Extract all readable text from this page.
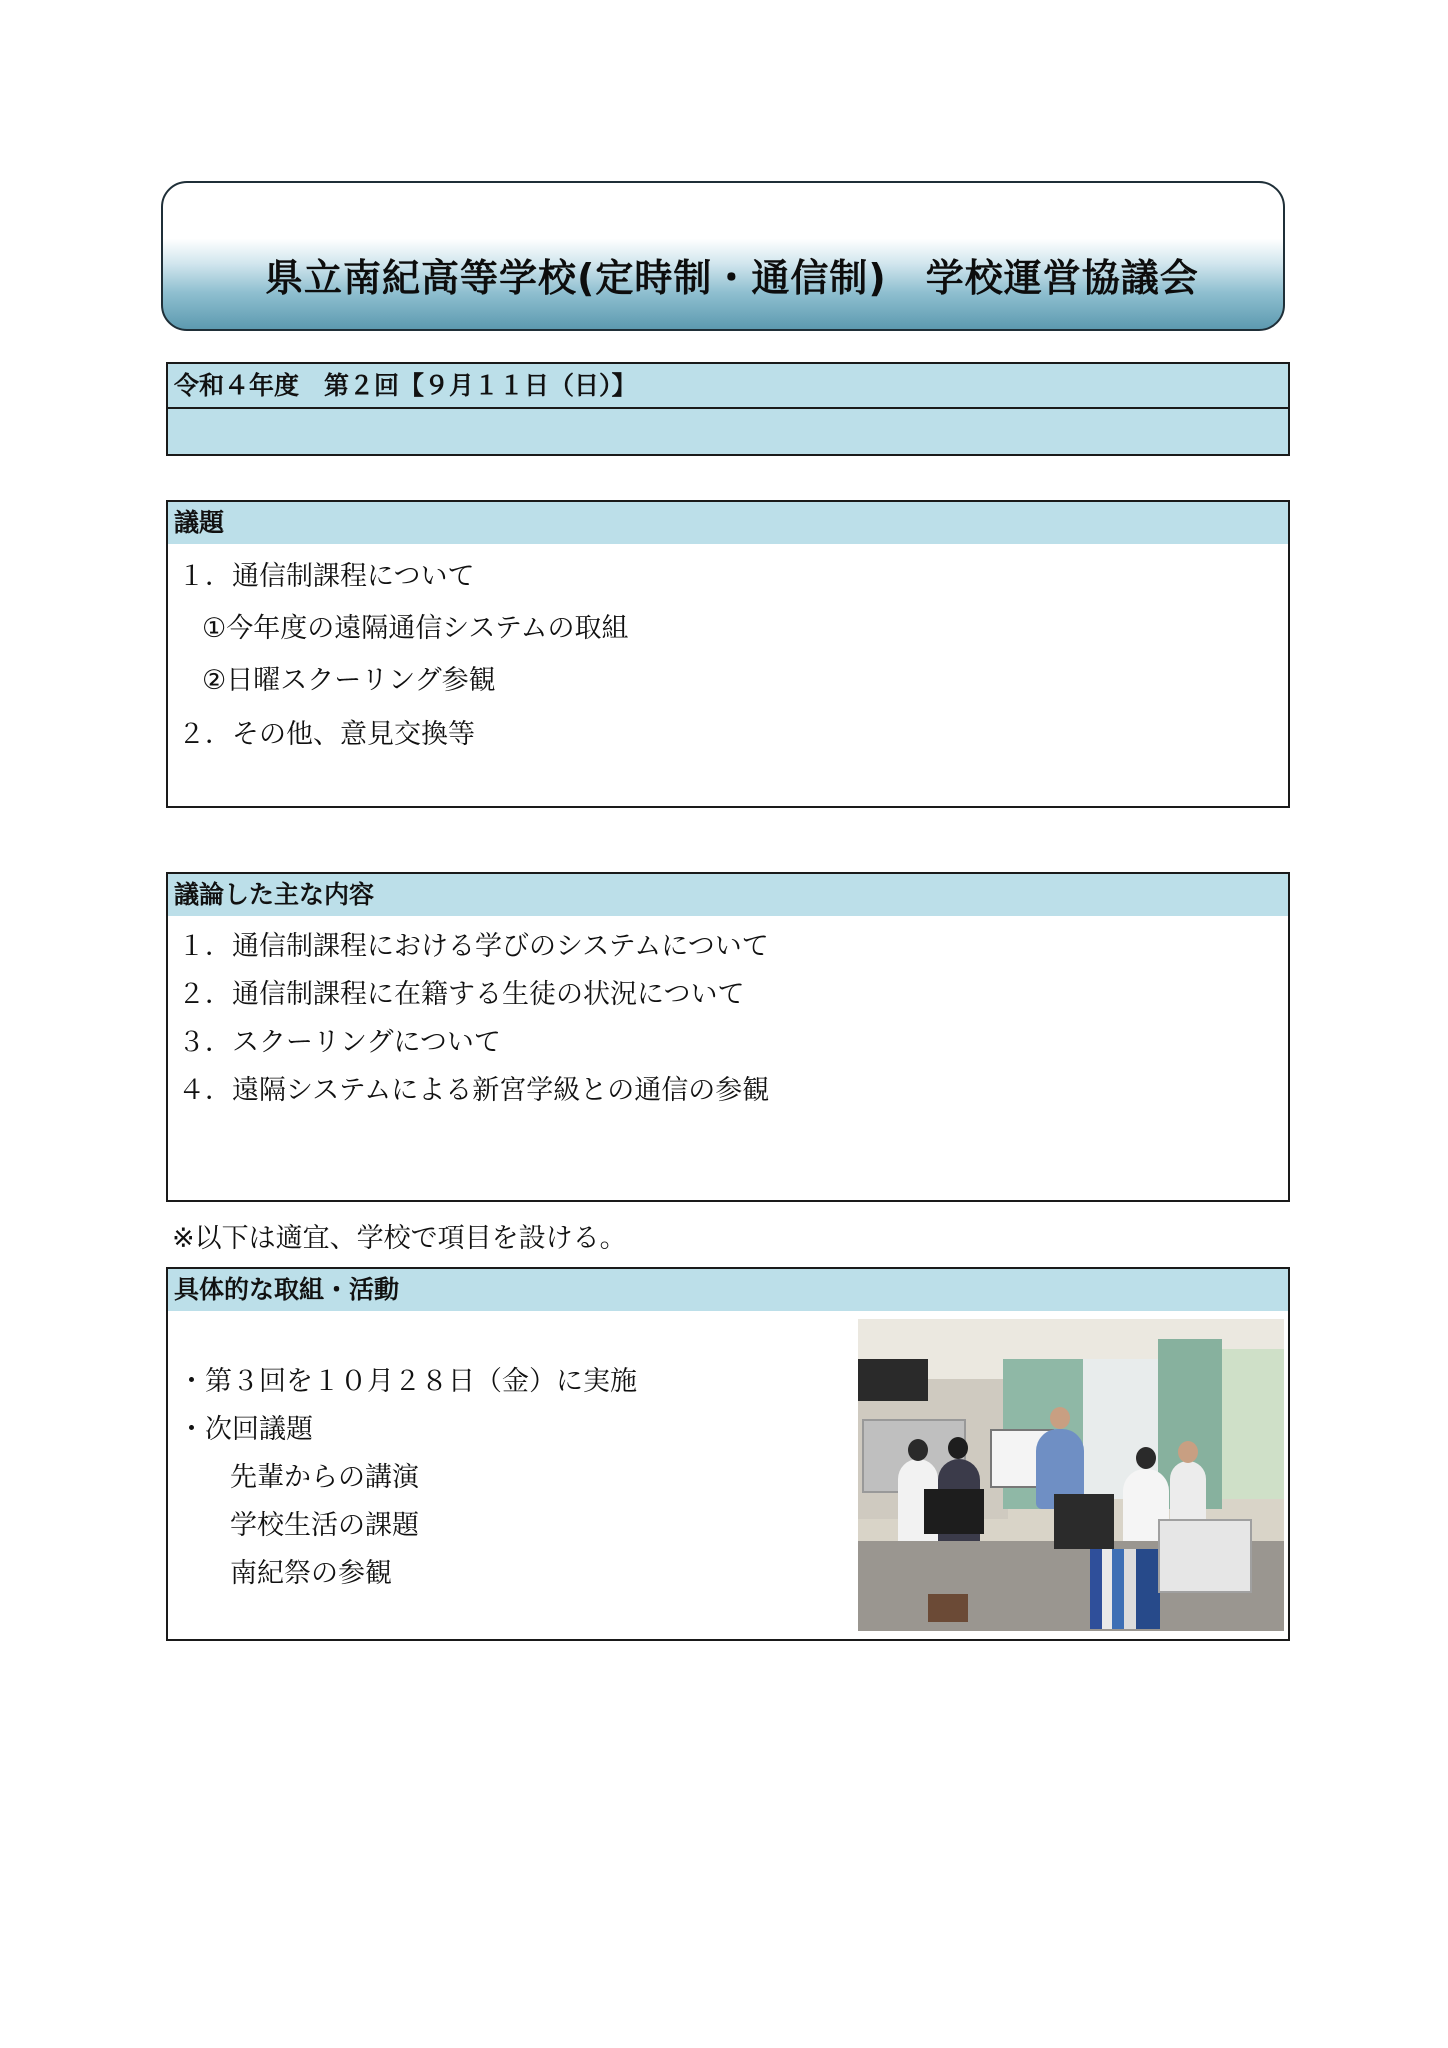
県立南紀高等学校(定時制・通信制)　学校運営協議会
令和４年度　第２回【９月１１日（日）】
議題
１．通信制課程について
①今年度の遠隔通信システムの取組
②日曜スクーリング参観
２．その他、意見交換等
議論した主な内容
１．通信制課程における学びのシステムについて
２．通信制課程に在籍する生徒の状況について
３．スクーリングについて
４．遠隔システムによる新宮学級との通信の参観
※以下は適宜、学校で項目を設ける。
具体的な取組・活動
・第３回を１０月２８日（金）に実施
・次回議題
先輩からの講演
学校生活の課題
南紀祭の参観
